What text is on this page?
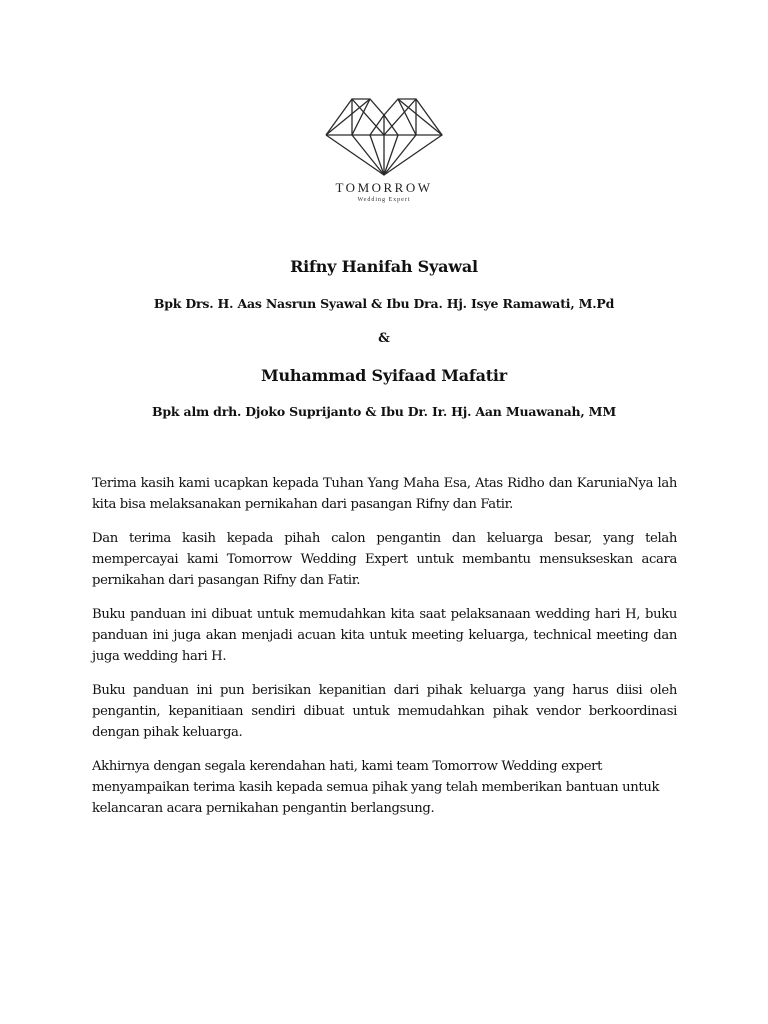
TOMORROW
Wedding Expert
Rifny Hanifah Syawal
Bpk Drs. H. Aas Nasrun Syawal & Ibu Dra. Hj. Isye Ramawati, M.Pd
&
Muhammad Syifaad Mafatir
Bpk alm drh. Djoko Suprijanto & Ibu Dr. Ir. Hj. Aan Muawanah, MM

Terima kasih kami ucapkan kepada Tuhan Yang Maha Esa, Atas Ridho dan KaruniaNya lah kita bisa melaksanakan pernikahan dari pasangan Rifny dan Fatir.

Dan terima kasih kepada pihah calon pengantin dan keluarga besar, yang telah mempercayai kami Tomorrow Wedding Expert untuk membantu mensukseskan acara pernikahan dari pasangan Rifny dan Fatir.

Buku panduan ini dibuat untuk memudahkan kita saat pelaksanaan wedding hari H, buku panduan ini juga akan menjadi acuan kita untuk meeting keluarga, technical meeting dan juga wedding hari H.

Buku panduan ini pun berisikan kepanitian dari pihak keluarga yang harus diisi oleh pengantin, kepanitiaan sendiri dibuat untuk memudahkan pihak vendor berkoordinasi dengan pihak keluarga.

Akhirnya dengan segala kerendahan hati, kami team Tomorrow Wedding expert menyampaikan terima kasih kepada semua pihak yang telah memberikan bantuan untuk kelancaran acara pernikahan pengantin berlangsung.
